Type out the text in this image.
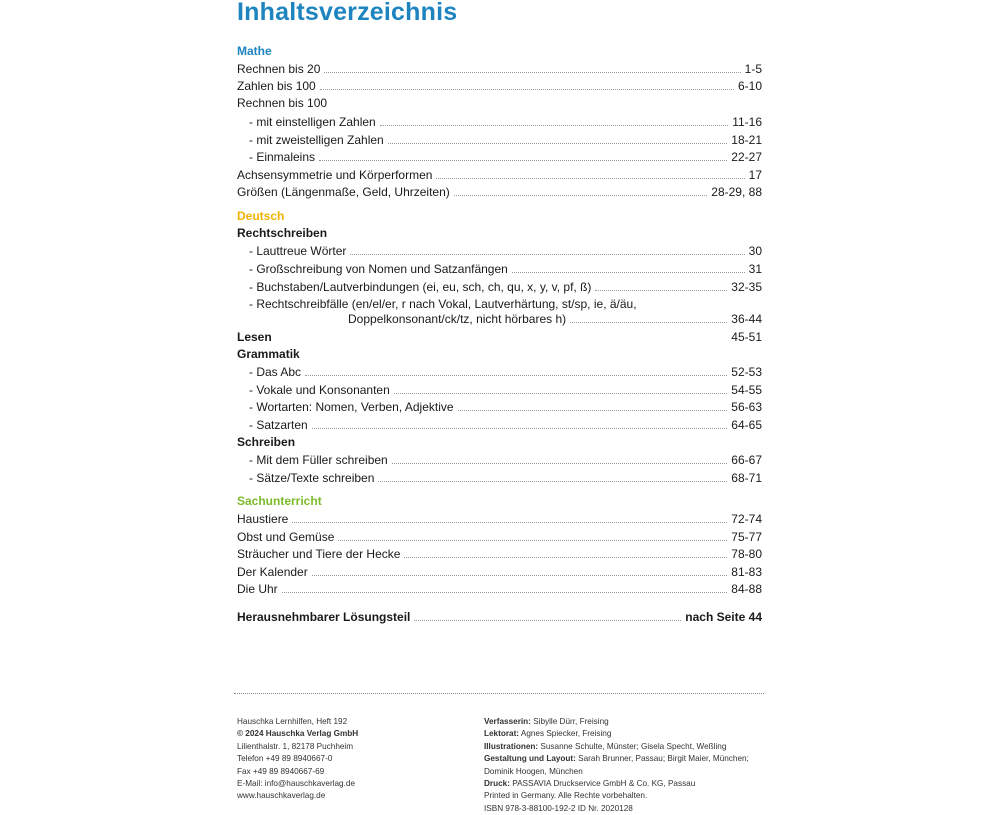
Inhaltsverzeichnis
Mathe
Rechnen bis 20	1-5
Zahlen bis 100	6-10
Rechnen bis 100
- mit einstelligen Zahlen	11-16
- mit zweistelligen Zahlen	18-21
- Einmaleins	22-27
Achsensymmetrie und Körperformen	17
Größen (Längenmaße, Geld, Uhrzeiten)	28-29, 88
Deutsch
Rechtschreiben
- Lauttreue Wörter	30
- Großschreibung von Nomen und Satzanfängen	31
- Buchstaben/Lautverbindungen (ei, eu, sch, ch, qu, x, y, v, pf, ß)	32-35
- Rechtschreibfälle (en/el/er, r nach Vokal, Lautverhärtung, st/sp, ie, ä/äu,
Doppelkonsonant/ck/tz, nicht hörbares h)	36-44
Lesen	45-51
Grammatik
- Das Abc	52-53
- Vokale und Konsonanten	54-55
- Wortarten: Nomen, Verben, Adjektive	56-63
- Satzarten	64-65
Schreiben
- Mit dem Füller schreiben	66-67
- Sätze/Texte schreiben	68-71
Sachunterricht
Haustiere	72-74
Obst und Gemüse	75-77
Sträucher und Tiere der Hecke	78-80
Der Kalender	81-83
Die Uhr	84-88
Herausnehmbarer Lösungsteil	nach Seite 44
Hauschka Lernhilfen, Heft 192
© 2024 Hauschka Verlag GmbH
Lilienthalstr. 1, 82178 Puchheim
Telefon +49 89 8940667-0
Fax +49 89 8940667-69
E-Mail: info@hauschkaverlag.de
www.hauschkaverlag.de
Verfasserin: Sibylle Dürr, Freising
Lektorat: Agnes Spiecker, Freising
Illustrationen: Susanne Schulte, Münster; Gisela Specht, Weßling
Gestaltung und Layout: Sarah Brunner, Passau; Birgit Maier, München;
Dominik Hoogen, München
Druck: PASSAVIA Druckservice GmbH & Co. KG, Passau
Printed in Germany. Alle Rechte vorbehalten.
ISBN 978-3-88100-192-2 ID Nr. 2020128
